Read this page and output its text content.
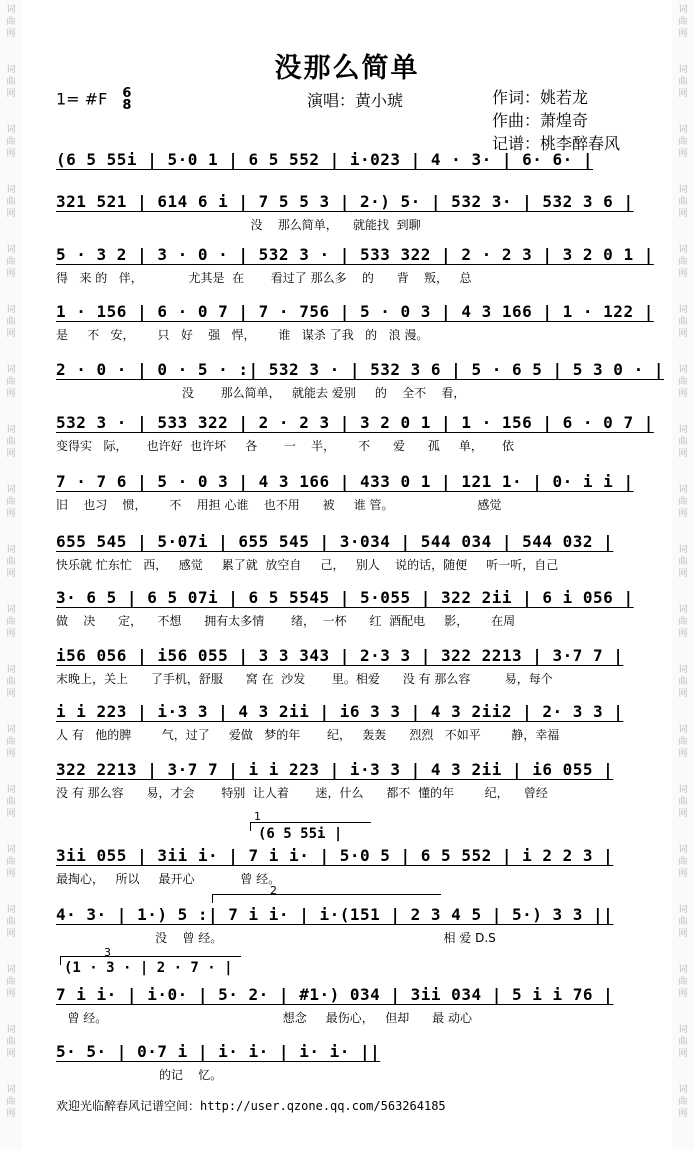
词
曲
网
词
曲
网
词
曲
网
词
曲
网
词
曲
网
词
曲
网
词
曲
网
词
曲
网
词
曲
网
词
曲
网
词
曲
网
词
曲
网
词
曲
网
词
曲
网
词
曲
网
词
曲
网
词
曲
网
词
曲
网
词
曲
网
词
曲
网
词
曲
网
词
曲
网
词
曲
网
词
曲
网
词
曲
网
词
曲
网
词
曲
网
词
曲
网
词
曲
网
词
曲
网
词
曲
网
词
曲
网
词
曲
网
词
曲
网
词
曲
网
词
曲
网
词
曲
网
词
曲
网
没那么简单
1= #F 6
8	演唱：黄小琥	作词：姚若龙
作曲：萧煌奇
记谱：桃李醉春风
(6 5 55i | 5·0 1 | 6 5 552 | i·023 | 4 · 3· | 6· 6· |
321 521 | 614 6 i | 7 5 5 3 | 2·) 5· | 532 3· | 532 3 6 |
没    那么简单，    就能找  到聊
5 · 3 2 | 3 · 0 · | 532 3 · | 533 322 | 2 · 2 3 | 3 2 0 1 |
得   来 的   伴，            尤其是  在       看过了 那么多    的      背    叛，   总
1 · 156 | 6 · 0 7 | 7 · 756 | 5 · 0 3 | 4 3 166 | 1 · 122 |
是     不   安，      只   好    强   悍，      谁   谋杀 了我   的   浪 漫。
2 · 0 · | 0 · 5 · :| 532 3 · | 532 3 6 | 5 · 6 5 | 5 3 0 · |
没       那么简单，   就能去 爱别     的    全不    看，
532 3 · | 533 322 | 2 · 2 3 | 3 2 0 1 | 1 · 156 | 6 · 0 7 |
变得实   际，     也许好  也许坏     各       一    半，      不      爱      孤     单，     依
7 · 7 6 | 5 · 0 3 | 4 3 166 | 433 0 1 | 121 1· | 0· i i |
旧    也习    惯，      不    用担 心谁    也不用      被     谁 管。                      感觉
655 545 | 5·07i | 655 545 | 3·034 | 544 034 | 544 032 |
快乐就 忙东忙   西，   感觉     累了就  放空自     己，   别人    说的话，随便     听一听，自己
3· 6 5 | 6 5 07i | 6 5 5545 | 5·055 | 322 2ii | 6 i 056 |
做    决      定，    不想      拥有太多情       绪，  一杯      红  酒配电     影，      在周
i56 056 | i56 055 | 3 3 343 | 2·3 3 | 322 2213 | 3·7 7 |
末晚上，关上      了手机，舒服      窝 在  沙发       里。相爱      没 有 那么容         易，每个
i i 223 | i·3 3 | 4 3 2ii | i6 3 3 | 4 3 2ii2 | 2· 3 3 |
人 有   他的脾        气，过了     爱做   梦的年       纪，   轰轰      烈烈   不如平        静，幸福
322 2213 | 3·7 7 | i i 223 | i·3 3 | 4 3 2ii | i6 055 |
没 有 那么容      易，才会       特别  让人着       迷，什么      都不  懂的年        纪，    曾经
3ii 055 | 3ii i· | 7 i i· | 5·0 5 | 6 5 552 | i 2 2 3 |
最掏心，   所以     最开心            曾 经。
4· 3· | 1·) 5 :| 7 i i· | i·(151 | 2 3 4 5 | 5·) 3 3 ||
没    曾 经。                                                          相 爱 D.S
7 i i· | i·0· | 5· 2· | #1·) 034 | 3ii 034 | 5 i i 76 |
曾 经。                                              想念     最伤心，   但却      最 动心
5· 5· | 0·7 i | i· i· | i· i· ||
的记    忆。
1
(6 5 55i |
2
3
(1 · 3 · | 2 · 7 · |
欢迎光临醉春风记谱空间：http://user.qzone.qq.com/563264185
